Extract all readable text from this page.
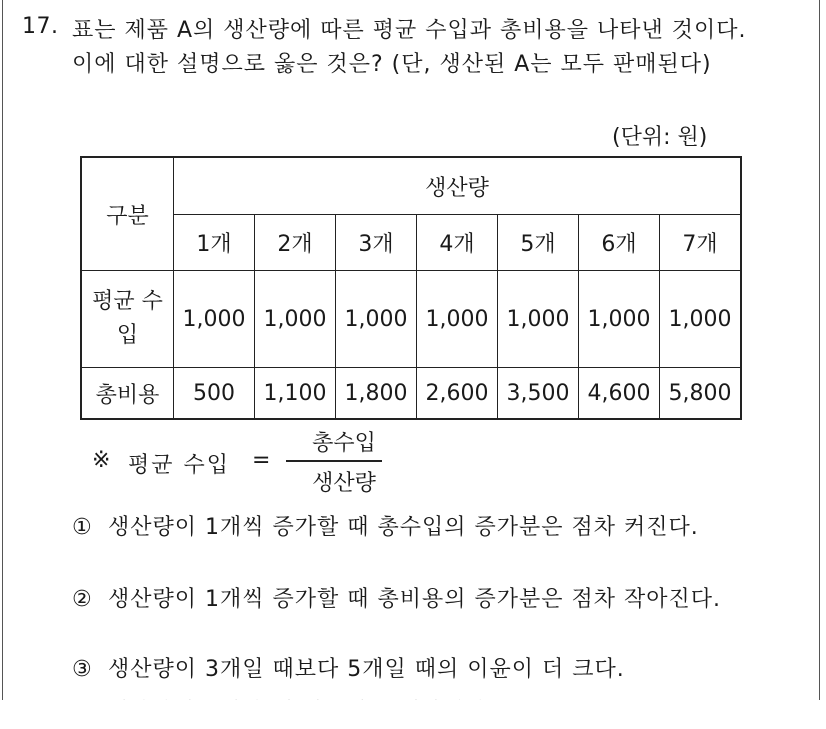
17. 표는 제품 A의 생산량에 따른 평균 수입과 총비용을 나타낸 것이다. 이에 대한 설명으로 옳은 것은? (단, 생산된 A는 모두 판매된다)
(단위: 원)
구분	생산량						
	1개	2개	3개	4개	5개	6개	7개
평균 수입	1,000	1,000	1,000	1,000	1,000	1,000	1,000
총비용	500	1,100	1,800	2,600	3,500	4,600	5,800
※ 평균 수입 =
총수입
생산량
① 생산량이 1개씩 증가할 때 총수입의 증가분은 점차 커진다.
② 생산량이 1개씩 증가할 때 총비용의 증가분은 점차 작아진다.
③ 생산량이 3개일 때보다 5개일 때의 이윤이 더 크다.
